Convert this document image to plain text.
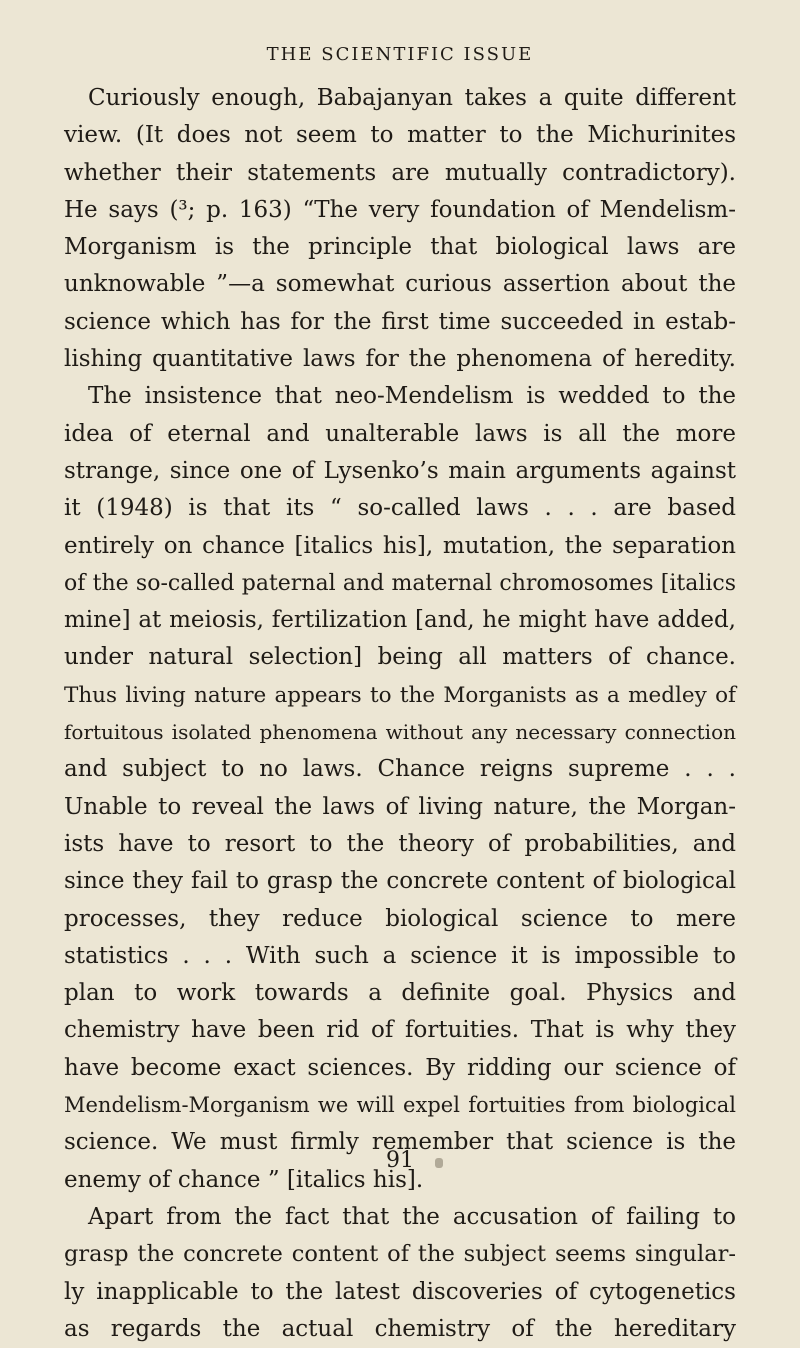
THE SCIENTIFIC ISSUE
Curiously enough, Babajanyan takes a quite different
view. (It does not seem to matter to the Michurinites
whether their statements are mutually contradictory).
He says (³; p. 163) “The very foundation of Mendelism-
Morganism is the principle that biological laws are
unknowable ”—a somewhat curious assertion about the
science which has for the first time succeeded in estab-
lishing quantitative laws for the phenomena of heredity.
The insistence that neo-Mendelism is wedded to the
idea of eternal and unalterable laws is all the more
strange, since one of Lysenko’s main arguments against
it (1948) is that its “ so-called laws . . . are based
entirely on chance [italics his], mutation, the separation
of the so-called paternal and maternal chromosomes [italics
mine] at meiosis, fertilization [and, he might have added,
under natural selection] being all matters of chance.
Thus living nature appears to the Morganists as a medley of
fortuitous isolated phenomena without any necessary connection
and subject to no laws. Chance reigns supreme . . .
Unable to reveal the laws of living nature, the Morgan-
ists have to resort to the theory of probabilities, and
since they fail to grasp the concrete content of biological
processes, they reduce biological science to mere
statistics . . . With such a science it is impossible to
plan to work towards a definite goal. Physics and
chemistry have been rid of fortuities. That is why they
have become exact sciences. By ridding our science of
Mendelism-Morganism we will expel fortuities from biological
science. We must firmly remember that science is the
enemy of chance ” [italics his].
Apart from the fact that the accusation of failing to
grasp the concrete content of the subject seems singular-
ly inapplicable to the latest discoveries of cytogenetics
as regards the actual chemistry of the hereditary
91
